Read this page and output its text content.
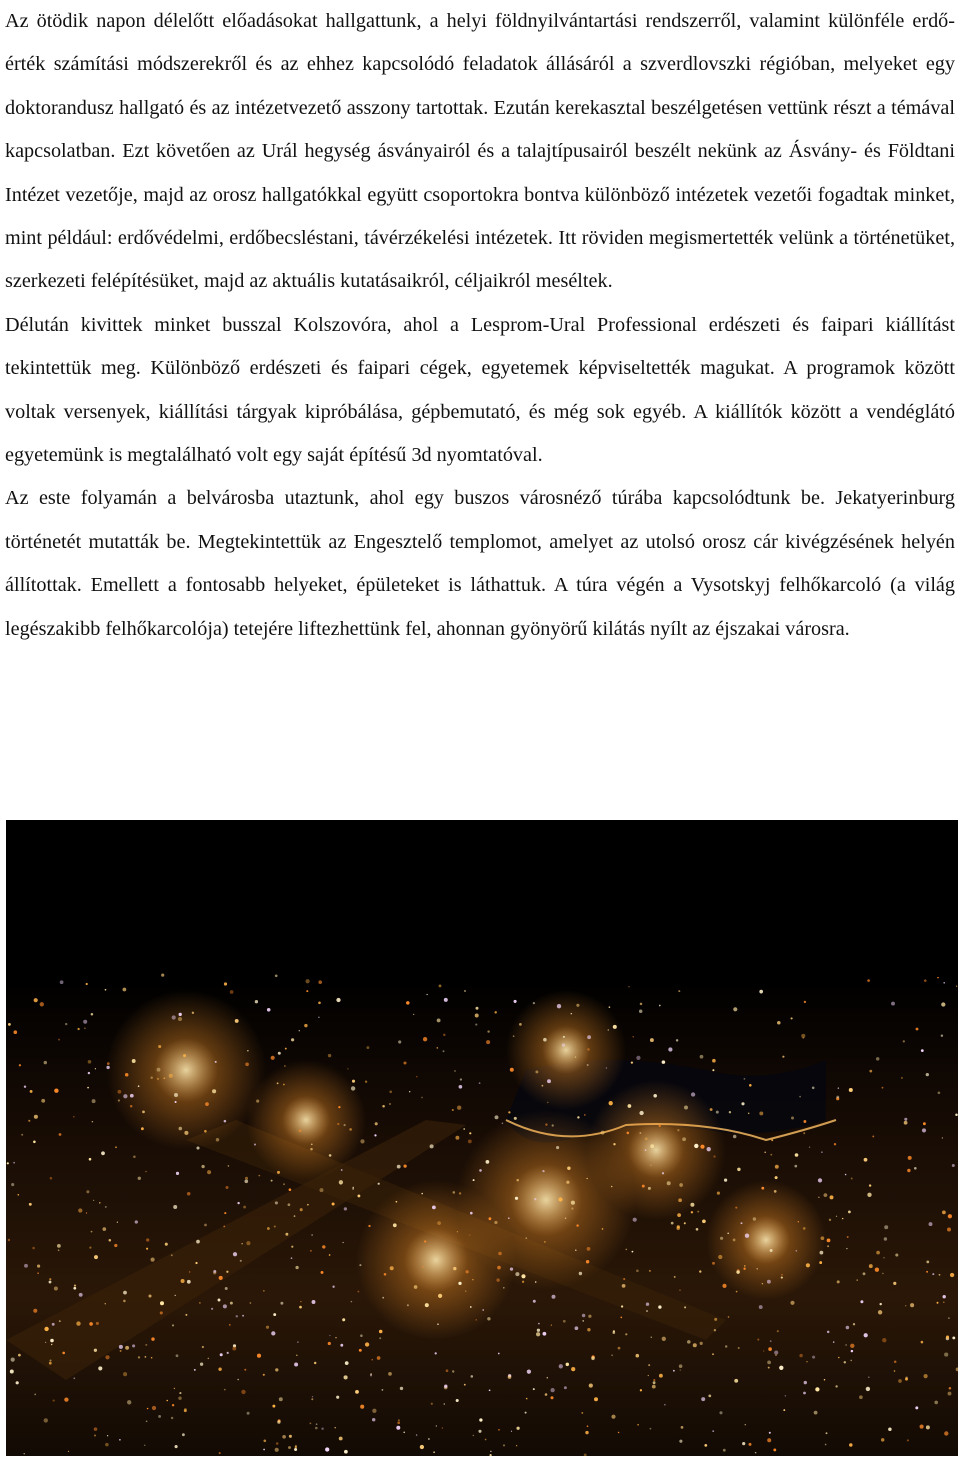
Az ötödik napon délelőtt előadásokat hallgattunk, a helyi földnyilvántartási rendszerről, valamint különféle erdő-érték számítási módszerekről és az ehhez kapcsolódó feladatok állásáról a szverdlovszki régióban, melyeket egy doktorandusz hallgató és az intézetvezető asszony tartottak. Ezután kerekasztal beszélgetésen vettünk részt a témával kapcsolatban. Ezt követően az Urál hegység ásványairól és a talajtípusairól beszélt nekünk az Ásvány- és Földtani Intézet vezetője, majd az orosz hallgatókkal együtt csoportokra bontva különböző intézetek vezetői fogadtak minket, mint például: erdővédelmi, erdőbecsléstani, távérzékelési intézetek. Itt röviden megismertették velünk a történetüket, szerkezeti felépítésüket, majd az aktuális kutatásaikról, céljaikról meséltek.

Délután kivittek minket busszal Kolszovóra, ahol a Lesprom-Ural Professional erdészeti és faipari kiállítást tekintettük meg. Különböző erdészeti és faipari cégek, egyetemek képviseltették magukat. A programok között voltak versenyek, kiállítási tárgyak kipróbálása, gépbemutató, és még sok egyéb. A kiállítók között a vendéglátó egyetemünk is megtalálható volt egy saját építésű 3d nyomtatóval.

Az este folyamán a belvárosba utaztunk, ahol egy buszos városnéző túrába kapcsolódtunk be. Jekatyerinburg történetét mutatták be. Megtekintettük az Engesztelő templomot, amelyet az utolsó orosz cár kivégzésének helyén állítottak. Emellett a fontosabb helyeket, épületeket is láthattuk. A túra végén a Vysotskyj felhőkarcoló (a világ legészakibb felhőkarcolója) tetejére liftezhettünk fel, ahonnan gyönyörű kilátás nyílt az éjszakai városra.
